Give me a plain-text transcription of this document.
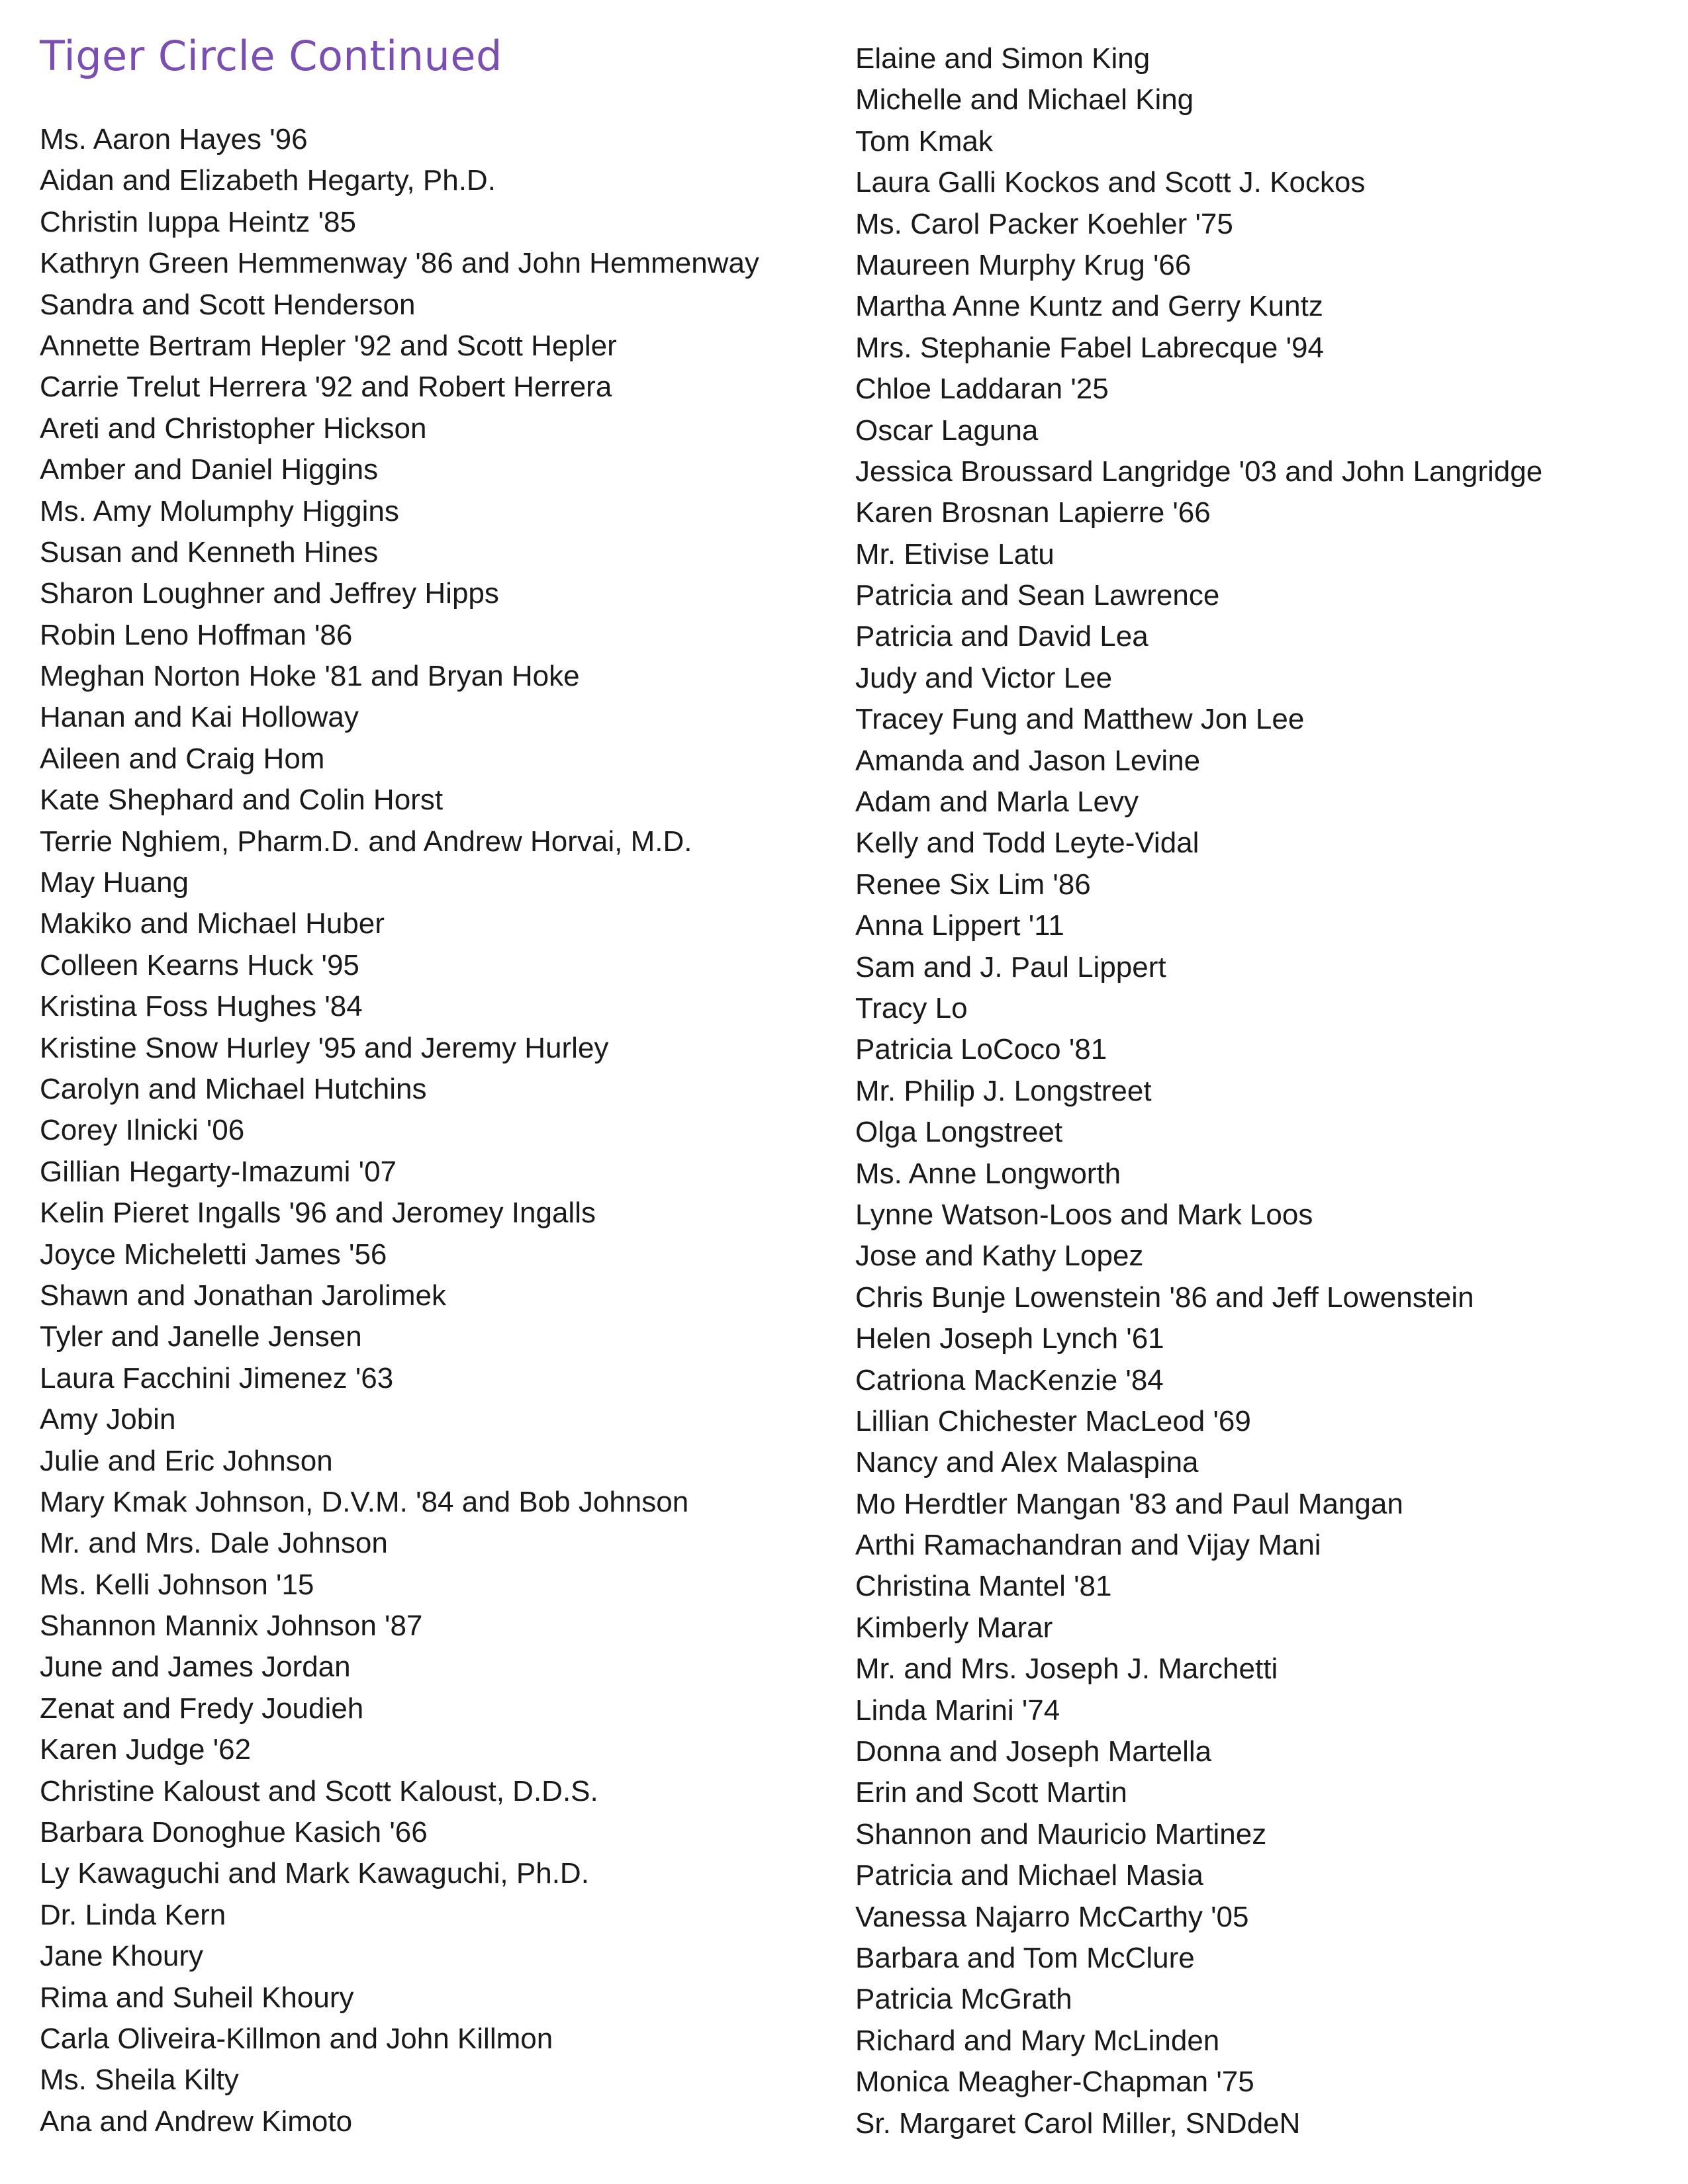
Tiger Circle Continued
Ms. Aaron Hayes '96
Aidan and Elizabeth Hegarty, Ph.D.
Christin Iuppa Heintz '85
Kathryn Green Hemmenway '86 and John Hemmenway
Sandra and Scott Henderson
Annette Bertram Hepler '92 and Scott Hepler
Carrie Trelut Herrera '92 and Robert Herrera
Areti and Christopher Hickson
Amber and Daniel Higgins
Ms. Amy Molumphy Higgins
Susan and Kenneth Hines
Sharon Loughner and Jeffrey Hipps
Robin Leno Hoffman '86
Meghan Norton Hoke '81 and Bryan Hoke
Hanan and Kai Holloway
Aileen and Craig Hom
Kate Shephard and Colin Horst
Terrie Nghiem, Pharm.D. and Andrew Horvai, M.D.
May Huang
Makiko and Michael Huber
Colleen Kearns Huck '95
Kristina Foss Hughes '84
Kristine Snow Hurley '95 and Jeremy Hurley
Carolyn and Michael Hutchins
Corey Ilnicki '06
Gillian Hegarty-Imazumi '07
Kelin Pieret Ingalls '96 and Jeromey Ingalls
Joyce Micheletti James '56
Shawn and Jonathan Jarolimek
Tyler and Janelle Jensen
Laura Facchini Jimenez '63
Amy Jobin
Julie and Eric Johnson
Mary Kmak Johnson, D.V.M. '84 and Bob Johnson
Mr. and Mrs. Dale Johnson
Ms. Kelli Johnson '15
Shannon Mannix Johnson '87
June and James Jordan
Zenat and Fredy Joudieh
Karen Judge '62
Christine Kaloust and Scott Kaloust, D.D.S.
Barbara Donoghue Kasich '66
Ly Kawaguchi and Mark Kawaguchi, Ph.D.
Dr. Linda Kern
Jane Khoury
Rima and Suheil Khoury
Carla Oliveira-Killmon and John Killmon
Ms. Sheila Kilty
Ana and Andrew Kimoto
Elaine and Simon King
Michelle and Michael King
Tom Kmak
Laura Galli Kockos and Scott J. Kockos
Ms. Carol Packer Koehler '75
Maureen Murphy Krug '66
Martha Anne Kuntz and Gerry Kuntz
Mrs. Stephanie Fabel Labrecque '94
Chloe Laddaran '25
Oscar Laguna
Jessica Broussard Langridge '03 and John Langridge
Karen Brosnan Lapierre '66
Mr. Etivise Latu
Patricia and Sean Lawrence
Patricia and David Lea
Judy and Victor Lee
Tracey Fung and Matthew Jon Lee
Amanda and Jason Levine
Adam and Marla Levy
Kelly and Todd Leyte-Vidal
Renee Six Lim '86
Anna Lippert '11
Sam and J. Paul Lippert
Tracy Lo
Patricia LoCoco '81
Mr. Philip J. Longstreet
Olga Longstreet
Ms. Anne Longworth
Lynne Watson-Loos and Mark Loos
Jose and Kathy Lopez
Chris Bunje Lowenstein '86 and Jeff Lowenstein
Helen Joseph Lynch '61
Catriona MacKenzie '84
Lillian Chichester MacLeod '69
Nancy and Alex Malaspina
Mo Herdtler Mangan '83 and Paul Mangan
Arthi Ramachandran and Vijay Mani
Christina Mantel '81
Kimberly Marar
Mr. and Mrs. Joseph J. Marchetti
Linda Marini '74
Donna and Joseph Martella
Erin and Scott Martin
Shannon and Mauricio Martinez
Patricia and Michael Masia
Vanessa Najarro McCarthy '05
Barbara and Tom McClure
Patricia McGrath
Richard and Mary McLinden
Monica Meagher-Chapman '75
Sr. Margaret Carol Miller, SNDdeN
